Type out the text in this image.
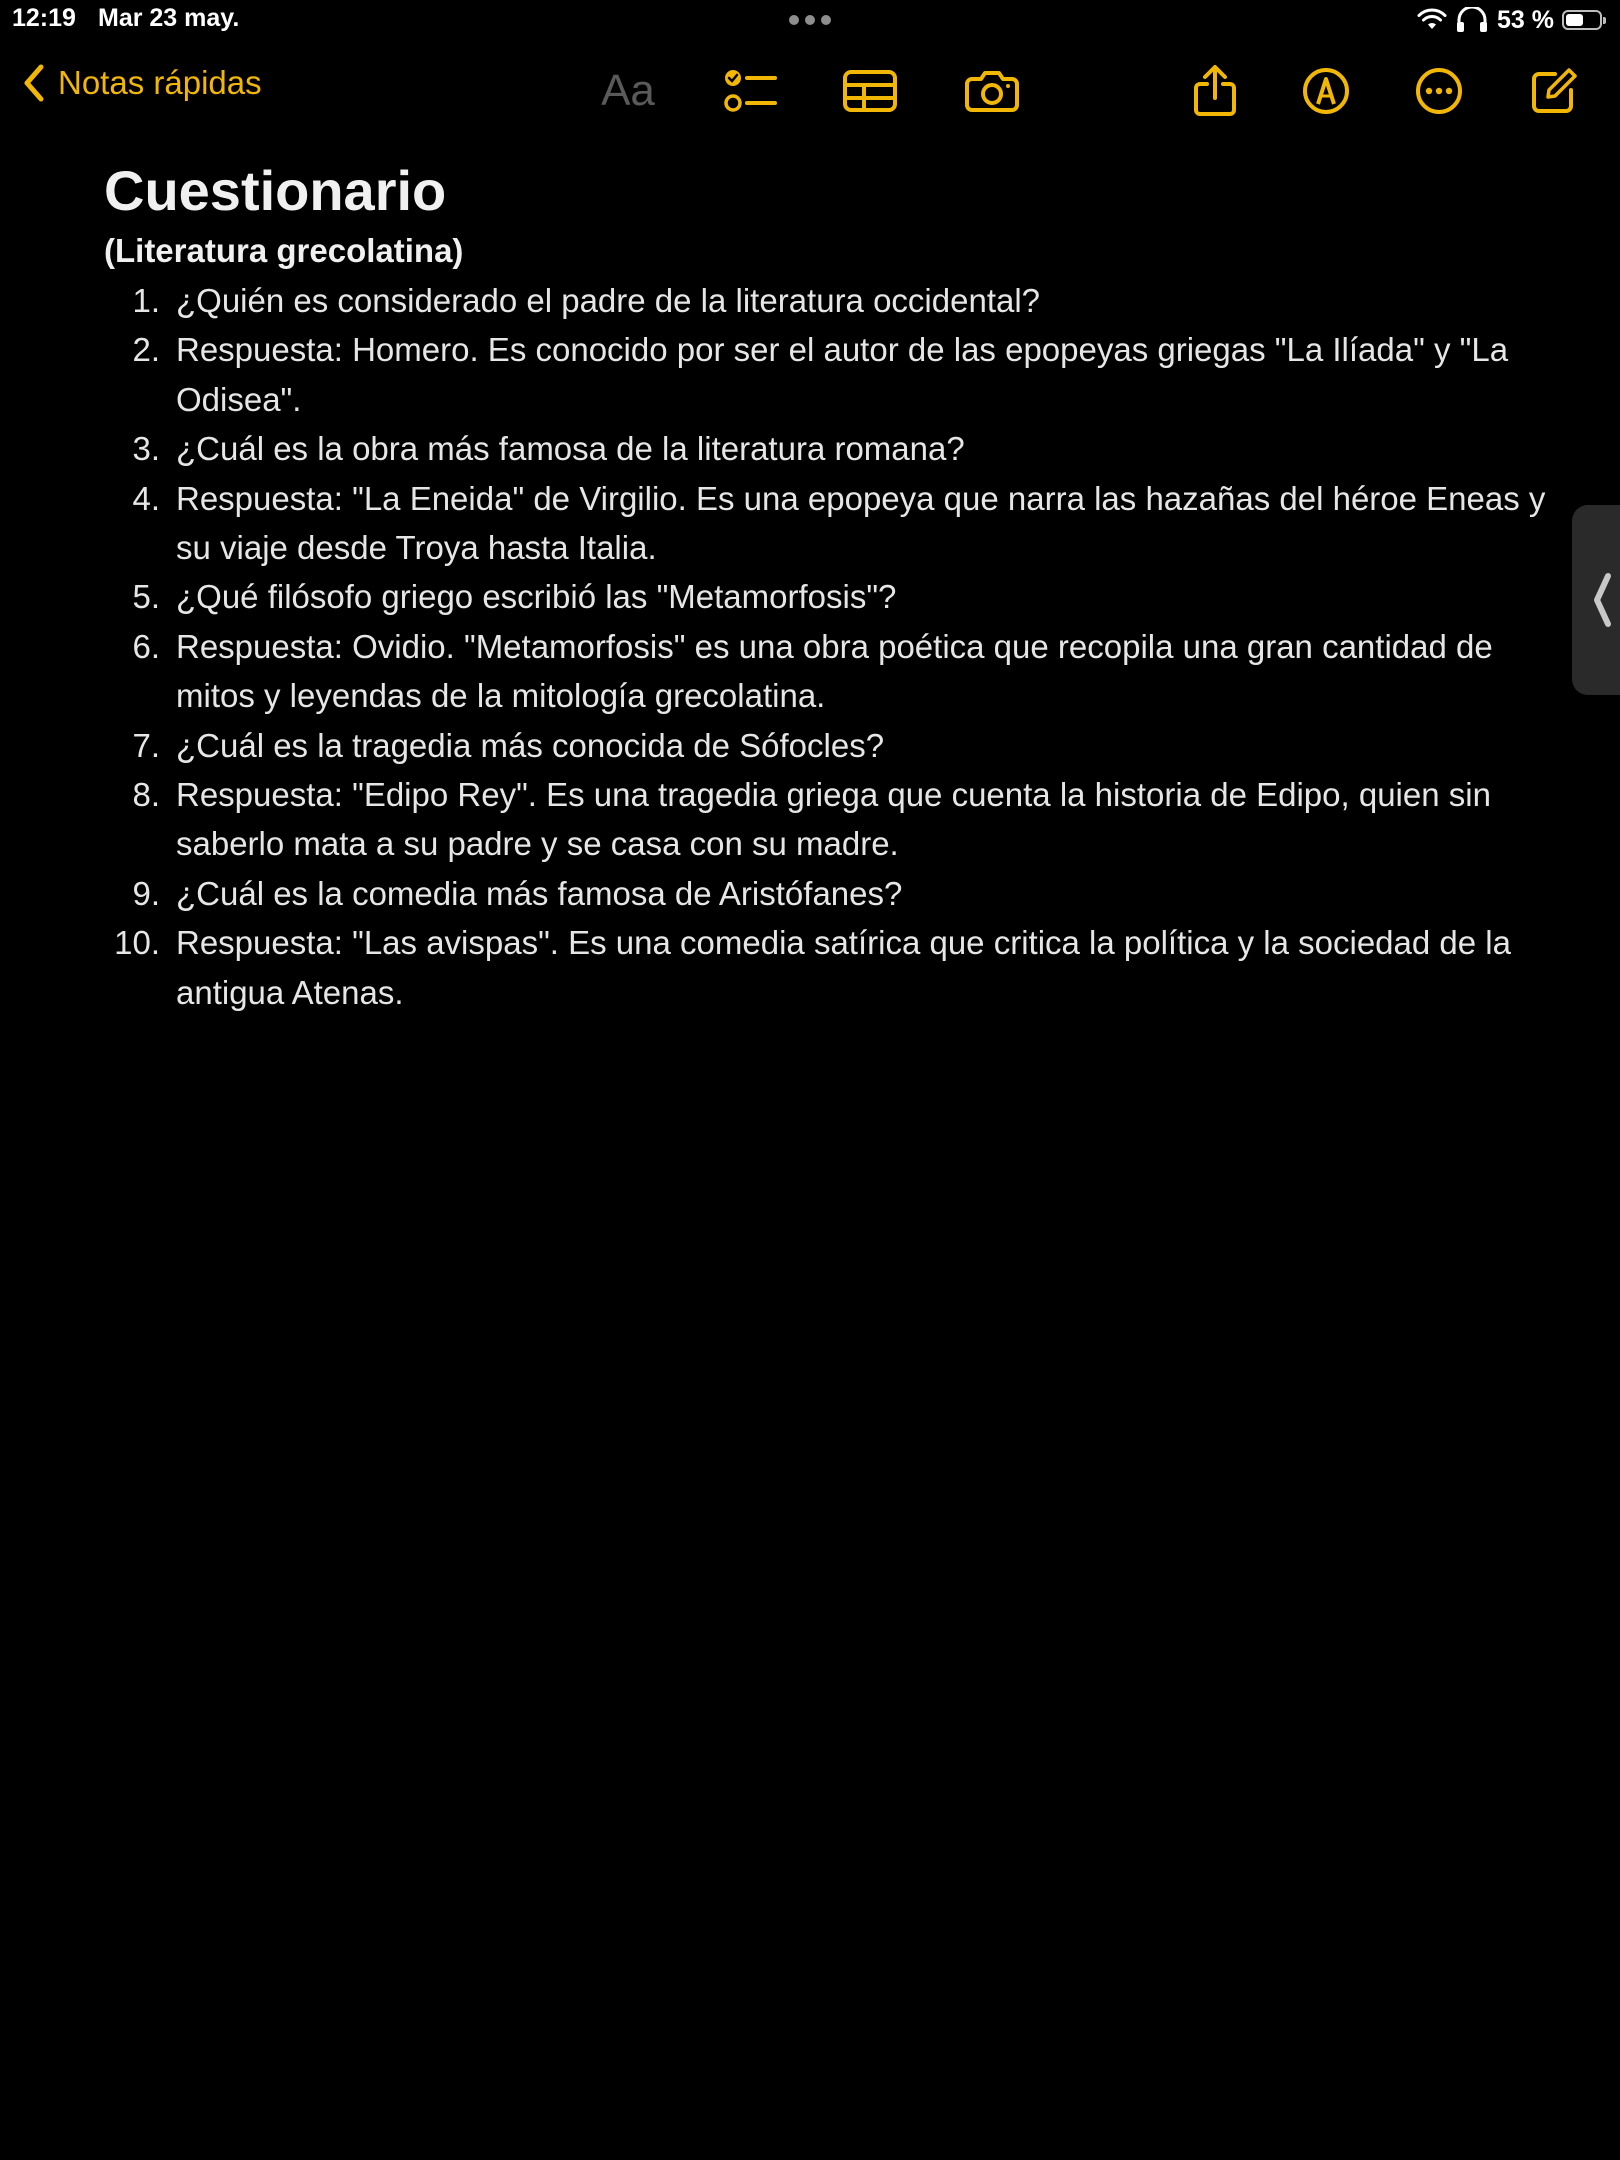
12:19 Mar 23 may.	53 %
Notas rápidas	Aa
Cuestionario

(Literatura grecolatina)

1. ¿Quién es considerado el padre de la literatura occidental?
2. Respuesta: Homero. Es conocido por ser el autor de las epopeyas griegas "La Ilíada" y "La Odisea".
3. ¿Cuál es la obra más famosa de la literatura romana?
4. Respuesta: "La Eneida" de Virgilio. Es una epopeya que narra las hazañas del héroe Eneas y su viaje desde Troya hasta Italia.
5. ¿Qué filósofo griego escribió las "Metamorfosis"?
6. Respuesta: Ovidio. "Metamorfosis" es una obra poética que recopila una gran cantidad de mitos y leyendas de la mitología grecolatina.
7. ¿Cuál es la tragedia más conocida de Sófocles?
8. Respuesta: "Edipo Rey". Es una tragedia griega que cuenta la historia de Edipo, quien sin saberlo mata a su padre y se casa con su madre.
9. ¿Cuál es la comedia más famosa de Aristófanes?
10. Respuesta: "Las avispas". Es una comedia satírica que critica la política y la sociedad de la antigua Atenas.
